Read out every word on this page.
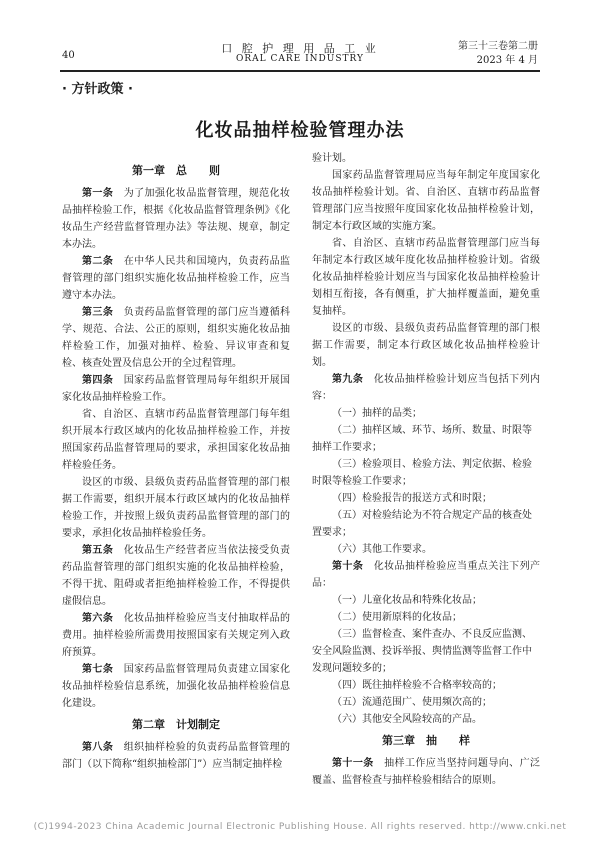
40
口 腔 护 理 用 品 工 业
ORAL CARE INDUSTRY
第三十三卷第二册
2023 年 4 月
· 方针政策 ·
化妆品抽样检验管理办法
第一章　总　　则

第一条　 为了加强化妆品监督管理，规范化妆品抽样检验工作，根据《化妆品监督管理条例》《化妆品生产经营监督管理办法》等法规、规章，制定本办法。

第二条　 在中华人民共和国境内，负责药品监督管理的部门组织实施化妆品抽样检验工作，应当遵守本办法。

第三条　 负责药品监督管理的部门应当遵循科学、规范、合法、公正的原则，组织实施化妆品抽样检验工作，加强对抽样、检验、异议审查和复检、核查处置及信息公开的全过程管理。

第四条　 国家药品监督管理局每年组织开展国家化妆品抽样检验工作。

省、自治区、直辖市药品监督管理部门每年组织开展本行政区域内的化妆品抽样检验工作，并按照国家药品监督管理局的要求，承担国家化妆品抽样检验任务。

设区的市级、县级负责药品监督管理的部门根据工作需要，组织开展本行政区域内的化妆品抽样检验工作，并按照上级负责药品监督管理的部门的要求，承担化妆品抽样检验任务。

第五条　 化妆品生产经营者应当依法接受负责药品监督管理的部门组织实施的化妆品抽样检验，不得干扰、阻碍或者拒绝抽样检验工作，不得提供虚假信息。

第六条　 化妆品抽样检验应当支付抽取样品的费用。抽样检验所需费用按照国家有关规定列入政府预算。

第七条　 国家药品监督管理局负责建立国家化妆品抽样检验信息系统，加强化妆品抽样检验信息化建设。

第二章　计划制定

第八条　 组织抽样检验的负责药品监督管理的部门（以下简称“组织抽检部门”）应当制定抽样检

验计划。

国家药品监督管理局应当每年制定年度国家化妆品抽样检验计划。省、自治区、直辖市药品监督管理部门应当按照年度国家化妆品抽样检验计划，制定本行政区域的实施方案。

省、自治区、直辖市药品监督管理部门应当每年制定本行政区域年度化妆品抽样检验计划。省级化妆品抽样检验计划应当与国家化妆品抽样检验计划相互衔接，各有侧重，扩大抽样覆盖面，避免重复抽样。

设区的市级、县级负责药品监督管理的部门根据工作需要，制定本行政区域化妆品抽样检验计划。

第九条　 化妆品抽样检验计划应当包括下列内容：

（一）抽样的品类；

（二）抽样区域、环节、场所、数量、时限等抽样工作要求；

（三）检验项目、检验方法、判定依据、检验时限等检验工作要求；

（四）检验报告的报送方式和时限；

（五）对检验结论为不符合规定产品的核查处置要求；

（六）其他工作要求。

第十条　 化妆品抽样检验应当重点关注下列产品：

（一）儿童化妆品和特殊化妆品；

（二）使用新原料的化妆品；

（三）监督检查、案件查办、不良反应监测、安全风险监测、投诉举报、舆情监测等监督工作中发现问题较多的；

（四）既往抽样检验不合格率较高的；

（五）流通范围广、使用频次高的；

（六）其他安全风险较高的产品。

第三章　抽　　样

第十一条　 抽样工作应当坚持问题导向、广泛覆盖、监督检查与抽样检验相结合的原则。

(C)1994-2023 China Academic Journal Electronic Publishing House. All rights reserved. http://www.cnki.net
